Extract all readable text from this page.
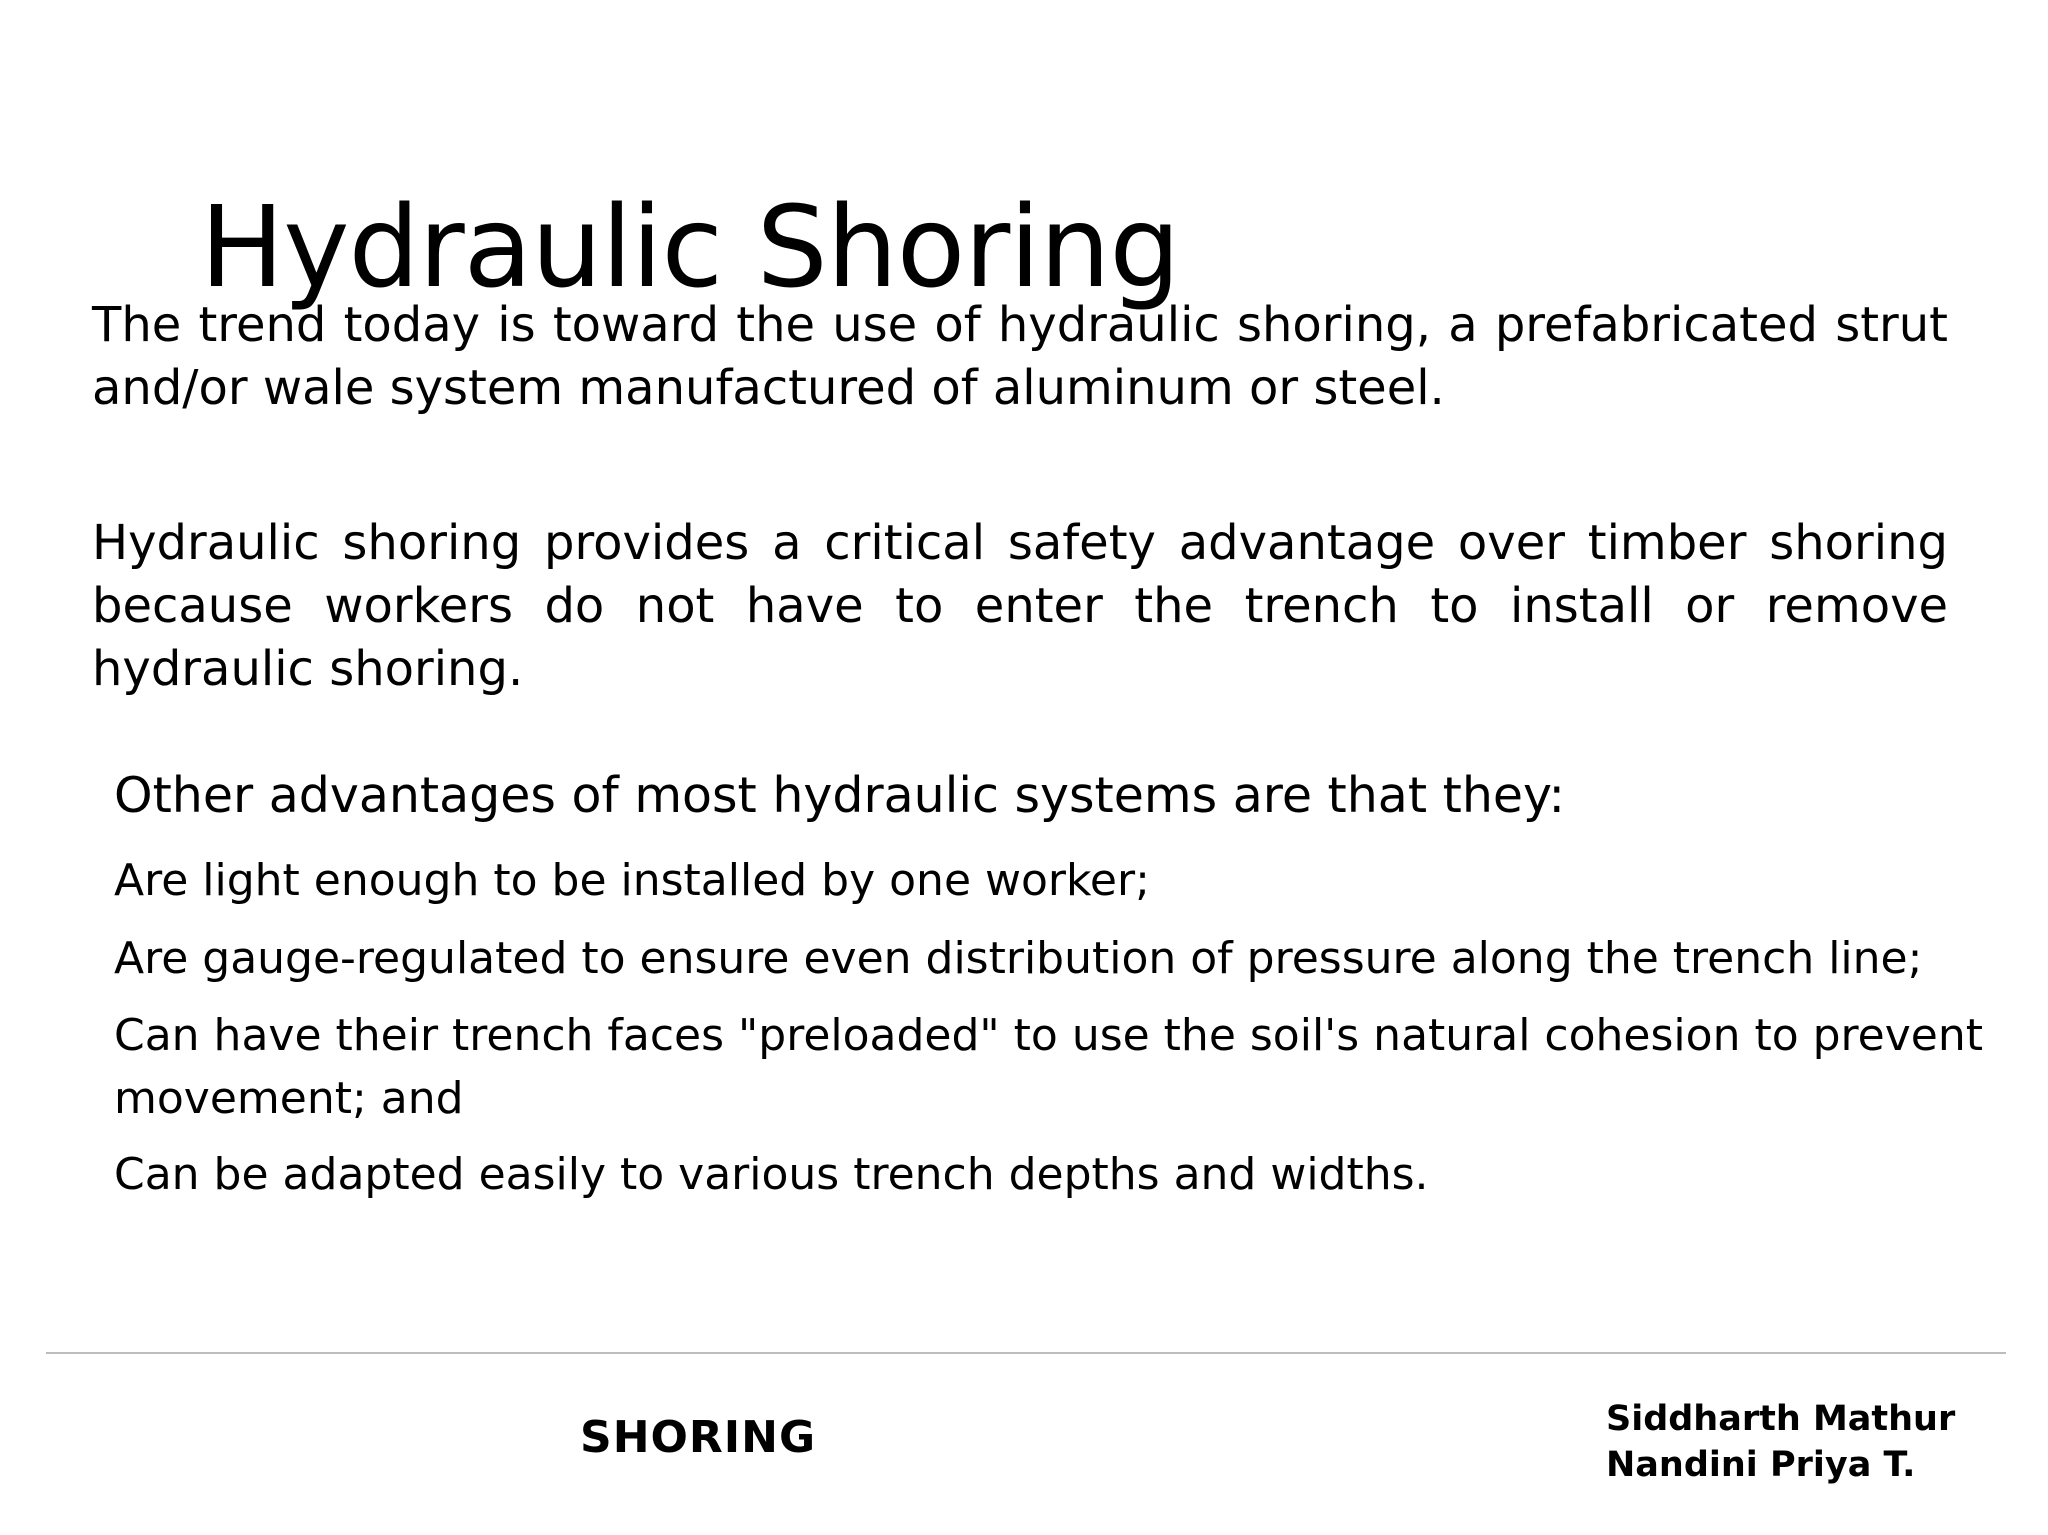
Hydraulic Shoring

The trend today is toward the use of hydraulic shoring, a prefabricated strut and/or wale system manufactured of aluminum or steel.

Hydraulic shoring provides a critical safety advantage over timber shoring because workers do not have to enter the trench to install or remove hydraulic shoring.

Other advantages of most hydraulic systems are that they:
Are light enough to be installed by one worker;
Are gauge-regulated to ensure even distribution of pressure along the trench line;
Can have their trench faces "preloaded" to use the soil's natural cohesion to prevent movement; and
Can be adapted easily to various trench depths and widths.
SHORING	Siddharth Mathur
Nandini Priya T.
